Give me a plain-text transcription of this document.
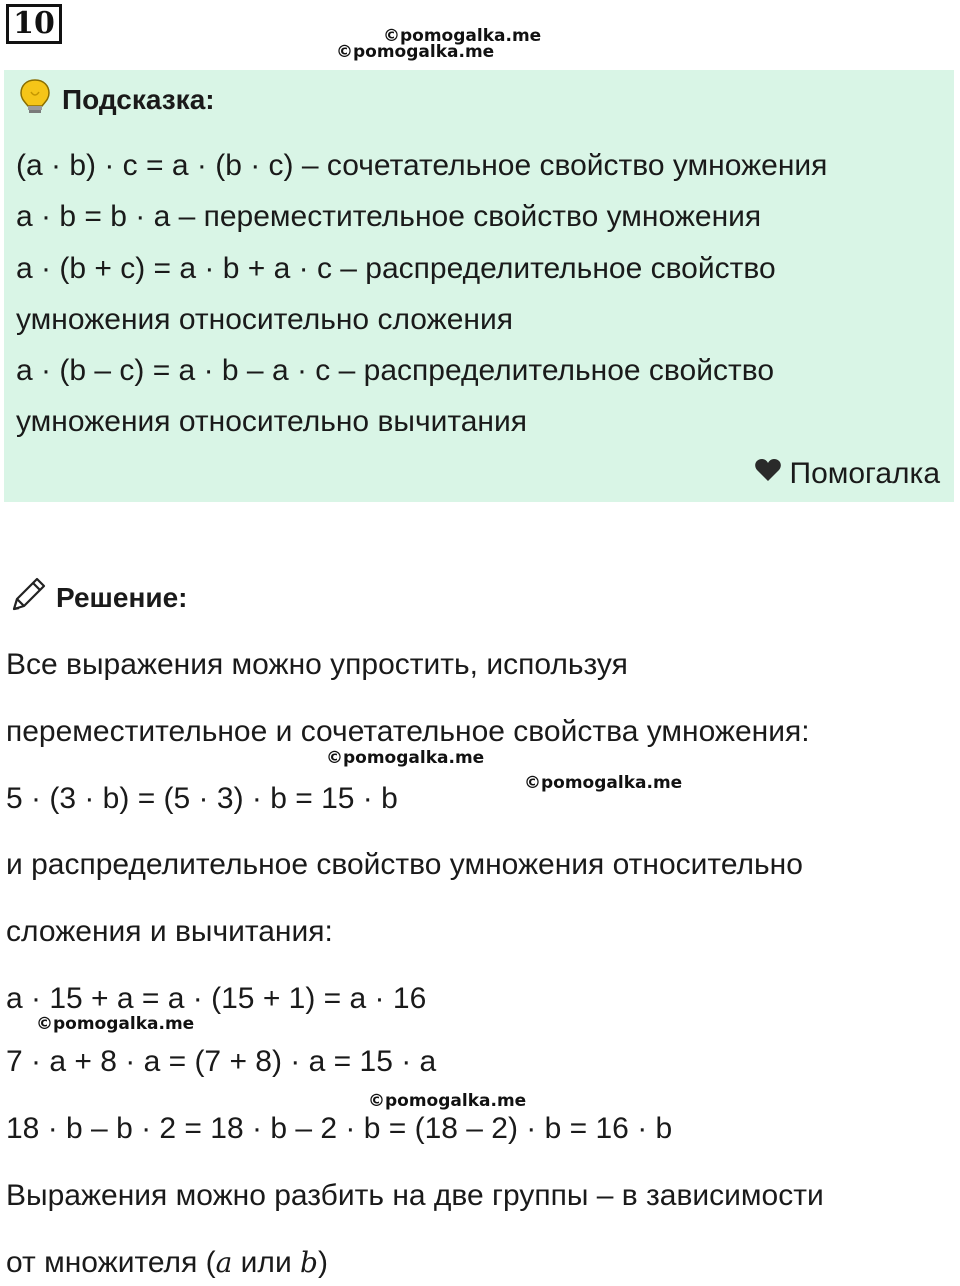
10	©pomogalka.me
©pomogalka.me
Подсказка:
(a · b) · c = a · (b · c) – сочетательное свойство умножения
a · b = b · a – переместительное свойство умножения
a · (b + c) = a · b + a · c – распределительное свойство
умножения относительно сложения
a · (b – c) = a · b – a · c – распределительное свойство
умножения относительно вычитания
Помогалка
Решение:
Все выражения можно упростить, используя
переместительное и сочетательное свойства умножения:
©pomogalka.me
©pomogalka.me
5 · (3 · b) = (5 · 3) · b = 15 · b
и распределительное свойство умножения относительно
сложения и вычитания:
a · 15 + a = a · (15 + 1) = a · 16
©pomogalka.me
7 · a + 8 · a = (7 + 8) · a = 15 · a
©pomogalka.me
18 · b – b · 2 = 18 · b – 2 · b = (18 – 2) · b = 16 · b
Выражения можно разбить на две группы – в зависимости
от множителя (a или b)
